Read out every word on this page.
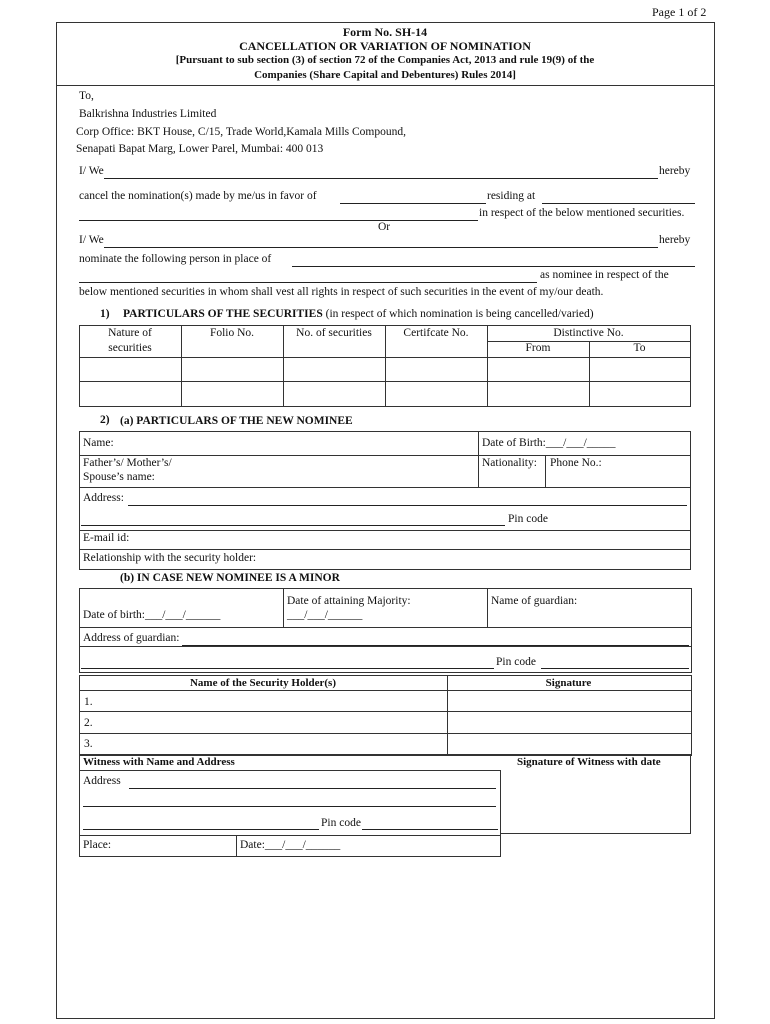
Page 1 of 2
Form No. SH-14
CANCELLATION OR VARIATION OF NOMINATION
[Pursuant to sub section (3) of section 72 of the Companies Act, 2013 and rule 19(9) of the
Companies (Share Capital and Debentures) Rules 2014]
To,
Balkrishna Industries Limited
Corp Office: BKT House, C/15, Trade World,Kamala Mills Compound,
Senapati Bapat Marg, Lower Parel, Mumbai: 400 013
I/ We	hereby
cancel the nomination(s) made by me/us in favor of	residing at
in respect of the below mentioned securities.
Or
I/ We	hereby
nominate the following person in place of
as nominee in respect of the
below mentioned securities in whom shall vest all rights in respect of such securities in the event of my/our death.
1) PARTICULARS OF THE SECURITIES (in respect of which nomination is being cancelled/varied)
Nature of
securities
Folio No.	No. of securities	Certifcate No.	Distinctive No.
From	To
2) (a) PARTICULARS OF THE NEW NOMINEE
Name:	Date of Birth:___/___/_____
Father’s/ Mother’s/
Spouse’s name:
Nationality: Phone No.:
Address:
Pin code
E-mail id:
Relationship with the security holder:
(b) IN CASE NEW NOMINEE IS A MINOR
Date of birth:___/___/______
Date of attaining Majority:
___/___/______
Name of guardian:
Address of guardian:
Pin code
Name of the Security Holder(s)	Signature
1.
2.
3.
Witness with Name and Address	Signature of Witness with date
Address
Pin code
Place:	Date:___/___/______
